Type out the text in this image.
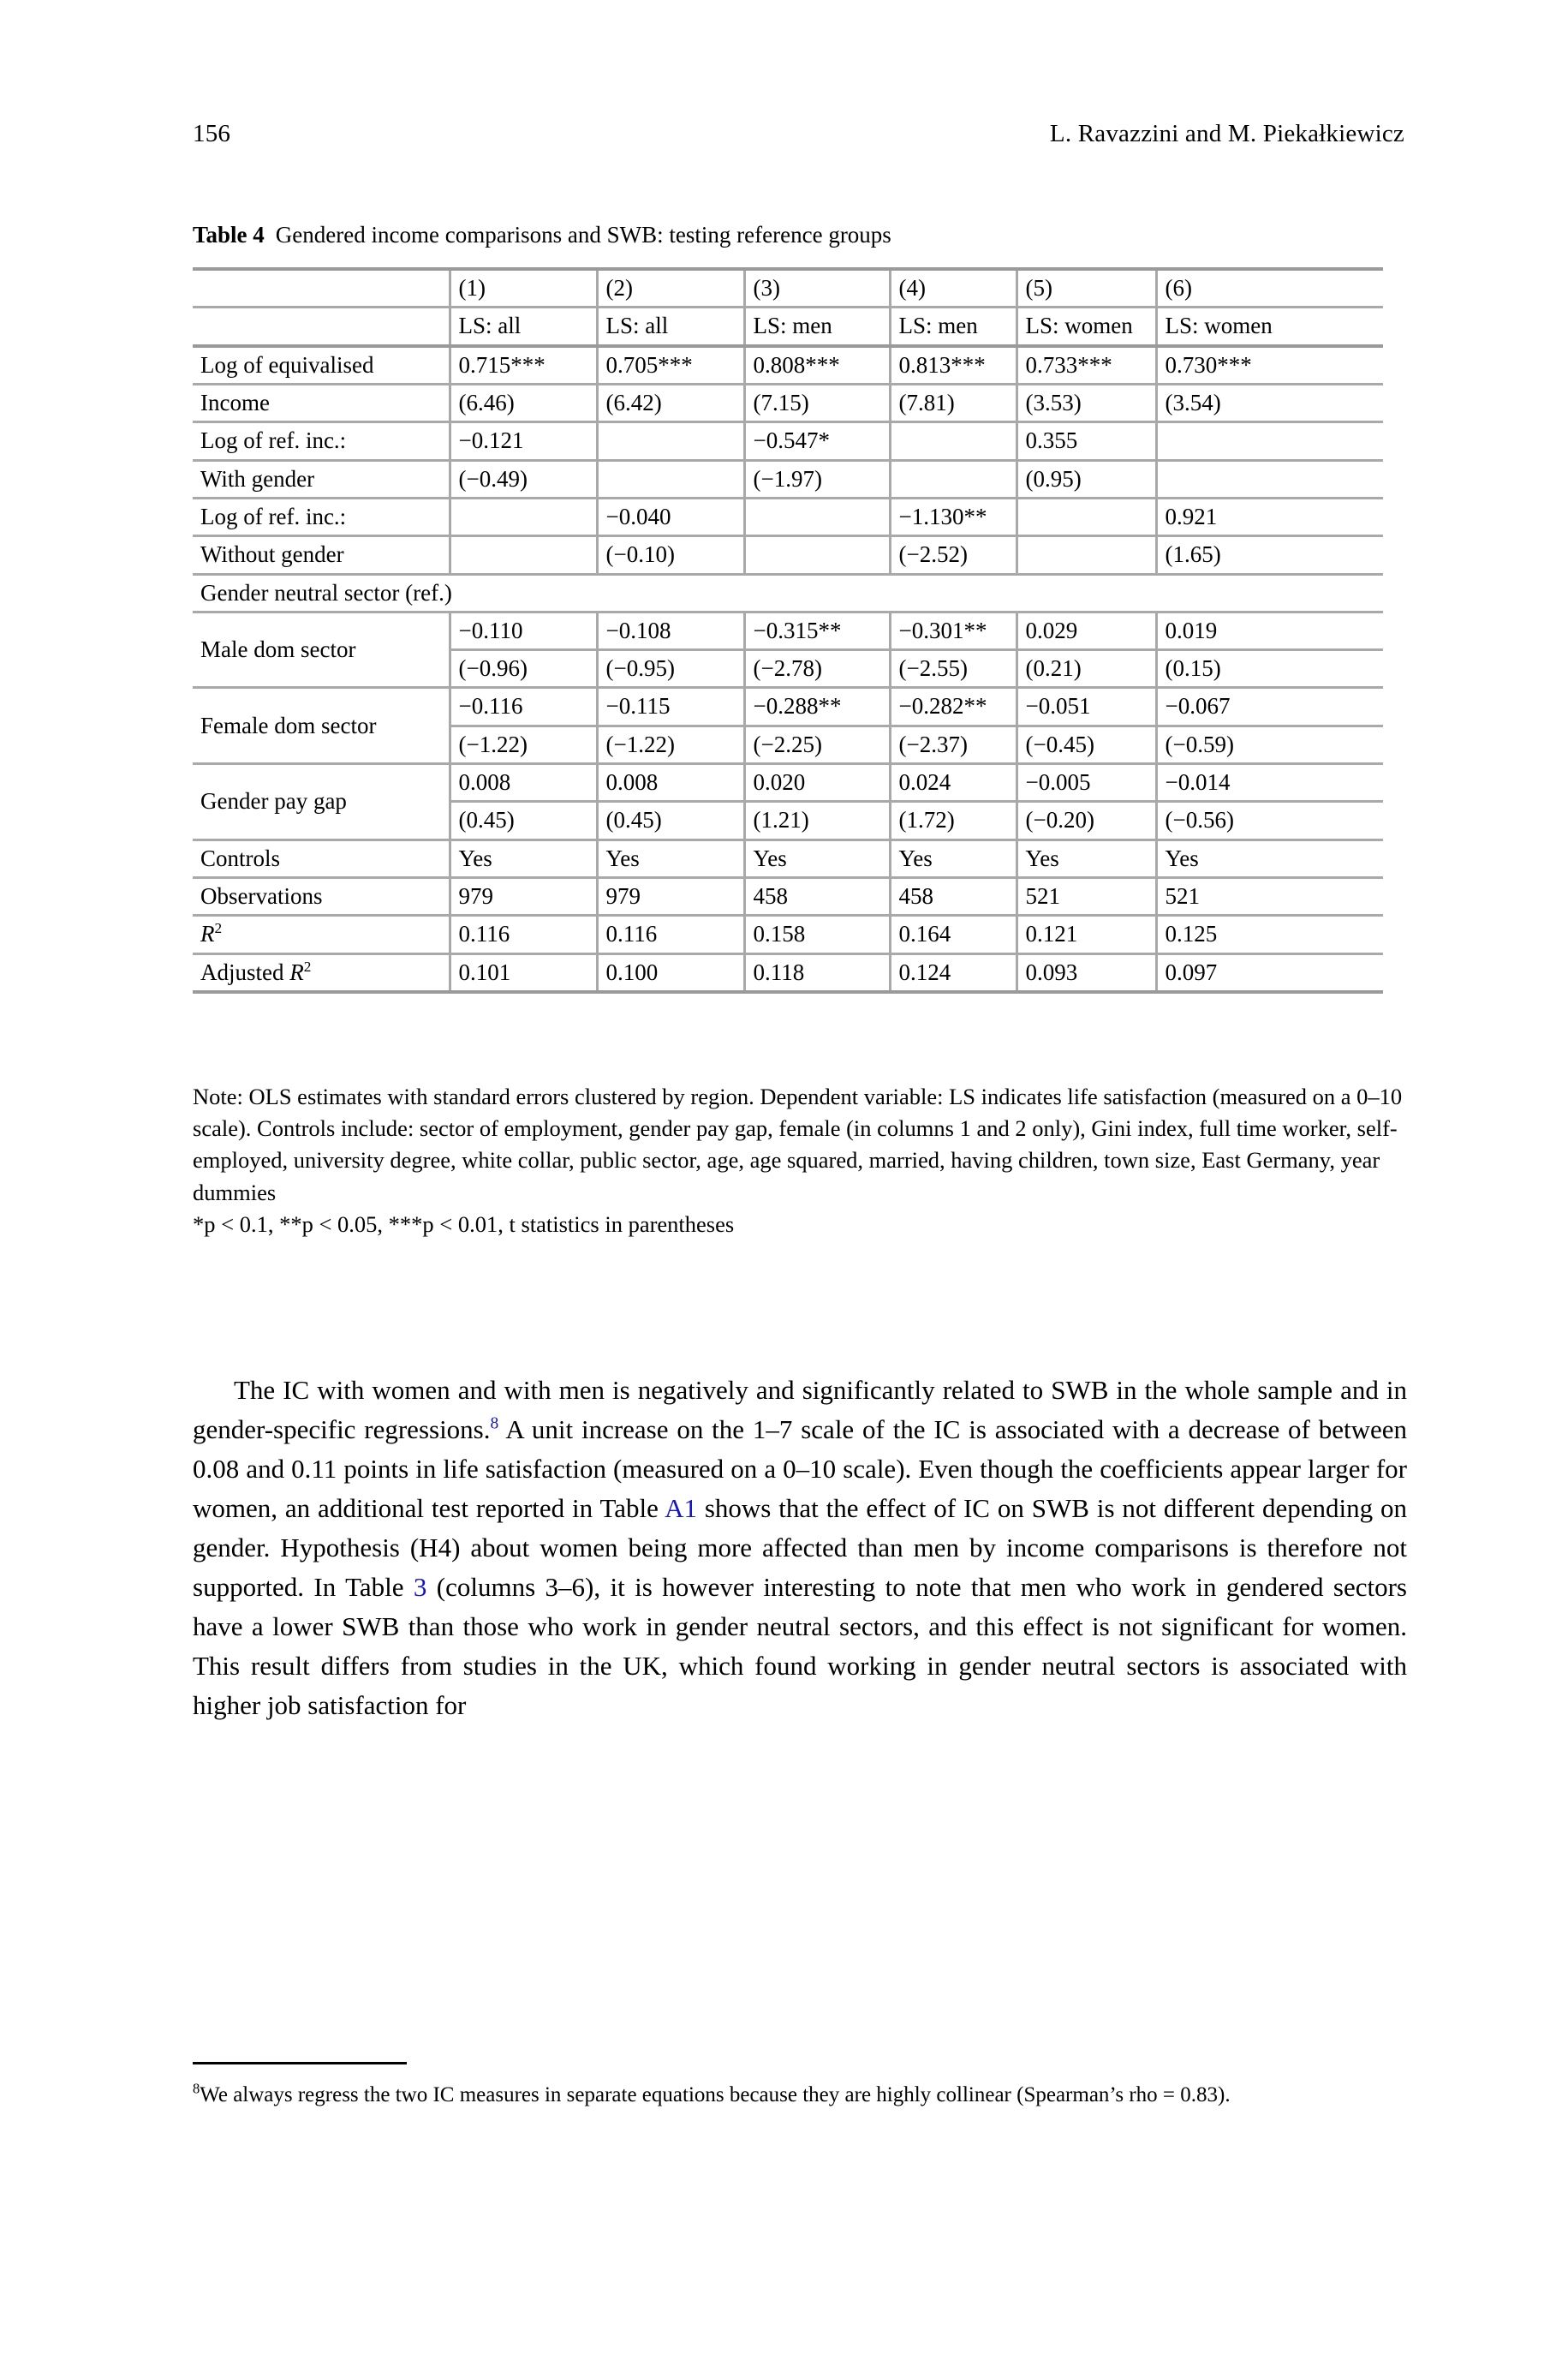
156	L. Ravazzini and M. Piekałkiewicz
Table 4 Gendered income comparisons and SWB: testing reference groups
	(1)	(2)	(3)	(4)	(5)	(6)
	LS: all	LS: all	LS: men	LS: men	LS: women	LS: women
Log of equivalised	0.715***	0.705***	0.808***	0.813***	0.733***	0.730***
Income	(6.46)	(6.42)	(7.15)	(7.81)	(3.53)	(3.54)
Log of ref. inc.:	−0.121		−0.547*		0.355	
With gender	(−0.49)		(−1.97)		(0.95)	
Log of ref. inc.:		−0.040		−1.130**		0.921
Without gender		(−0.10)		(−2.52)		(1.65)
Gender neutral sector (ref.)						
Male dom sector	−0.110	−0.108	−0.315**	−0.301**	0.029	0.019
	(−0.96)	(−0.95)	(−2.78)	(−2.55)	(0.21)	(0.15)
Female dom sector	−0.116	−0.115	−0.288**	−0.282**	−0.051	−0.067
	(−1.22)	(−1.22)	(−2.25)	(−2.37)	(−0.45)	(−0.59)
Gender pay gap	0.008	0.008	0.020	0.024	−0.005	−0.014
	(0.45)	(0.45)	(1.21)	(1.72)	(−0.20)	(−0.56)
Controls	Yes	Yes	Yes	Yes	Yes	Yes
Observations	979	979	458	458	521	521
$R^2$	0.116	0.116	0.158	0.164	0.121	0.125
Adjusted $R^2$	0.101	0.100	0.118	0.124	0.093	0.097

Note: OLS estimates with standard errors clustered by region. Dependent variable: LS indicates life satisfaction (measured on a 0–10 scale). Controls include: sector of employment, gender pay gap, female (in columns 1 and 2 only), Gini index, full time worker, self-employed, university degree, white collar, public sector, age, age squared, married, having children, town size, East Germany, year dummies

*p < 0.1, **p < 0.05, ***p < 0.01, t statistics in parentheses

The IC with women and with men is negatively and significantly related to SWB in the whole sample and in gender-specific regressions.$^8$ A unit increase on the 1–7 scale of the IC is associated with a decrease of between 0.08 and 0.11 points in life satisfaction (measured on a 0–10 scale). Even though the coefficients appear larger for women, an additional test reported in Table A1 shows that the effect of IC on SWB is not different depending on gender. Hypothesis (H4) about women being more affected than men by income comparisons is therefore not supported. In Table 3 (columns 3–6), it is however interesting to note that men who work in gendered sectors have a lower SWB than those who work in gender neutral sectors, and this effect is not significant for women. This result differs from studies in the UK, which found working in gender neutral sectors is associated with higher job satisfaction for

$^8$We always regress the two IC measures in separate equations because they are highly collinear (Spearman’s rho = 0.83).
